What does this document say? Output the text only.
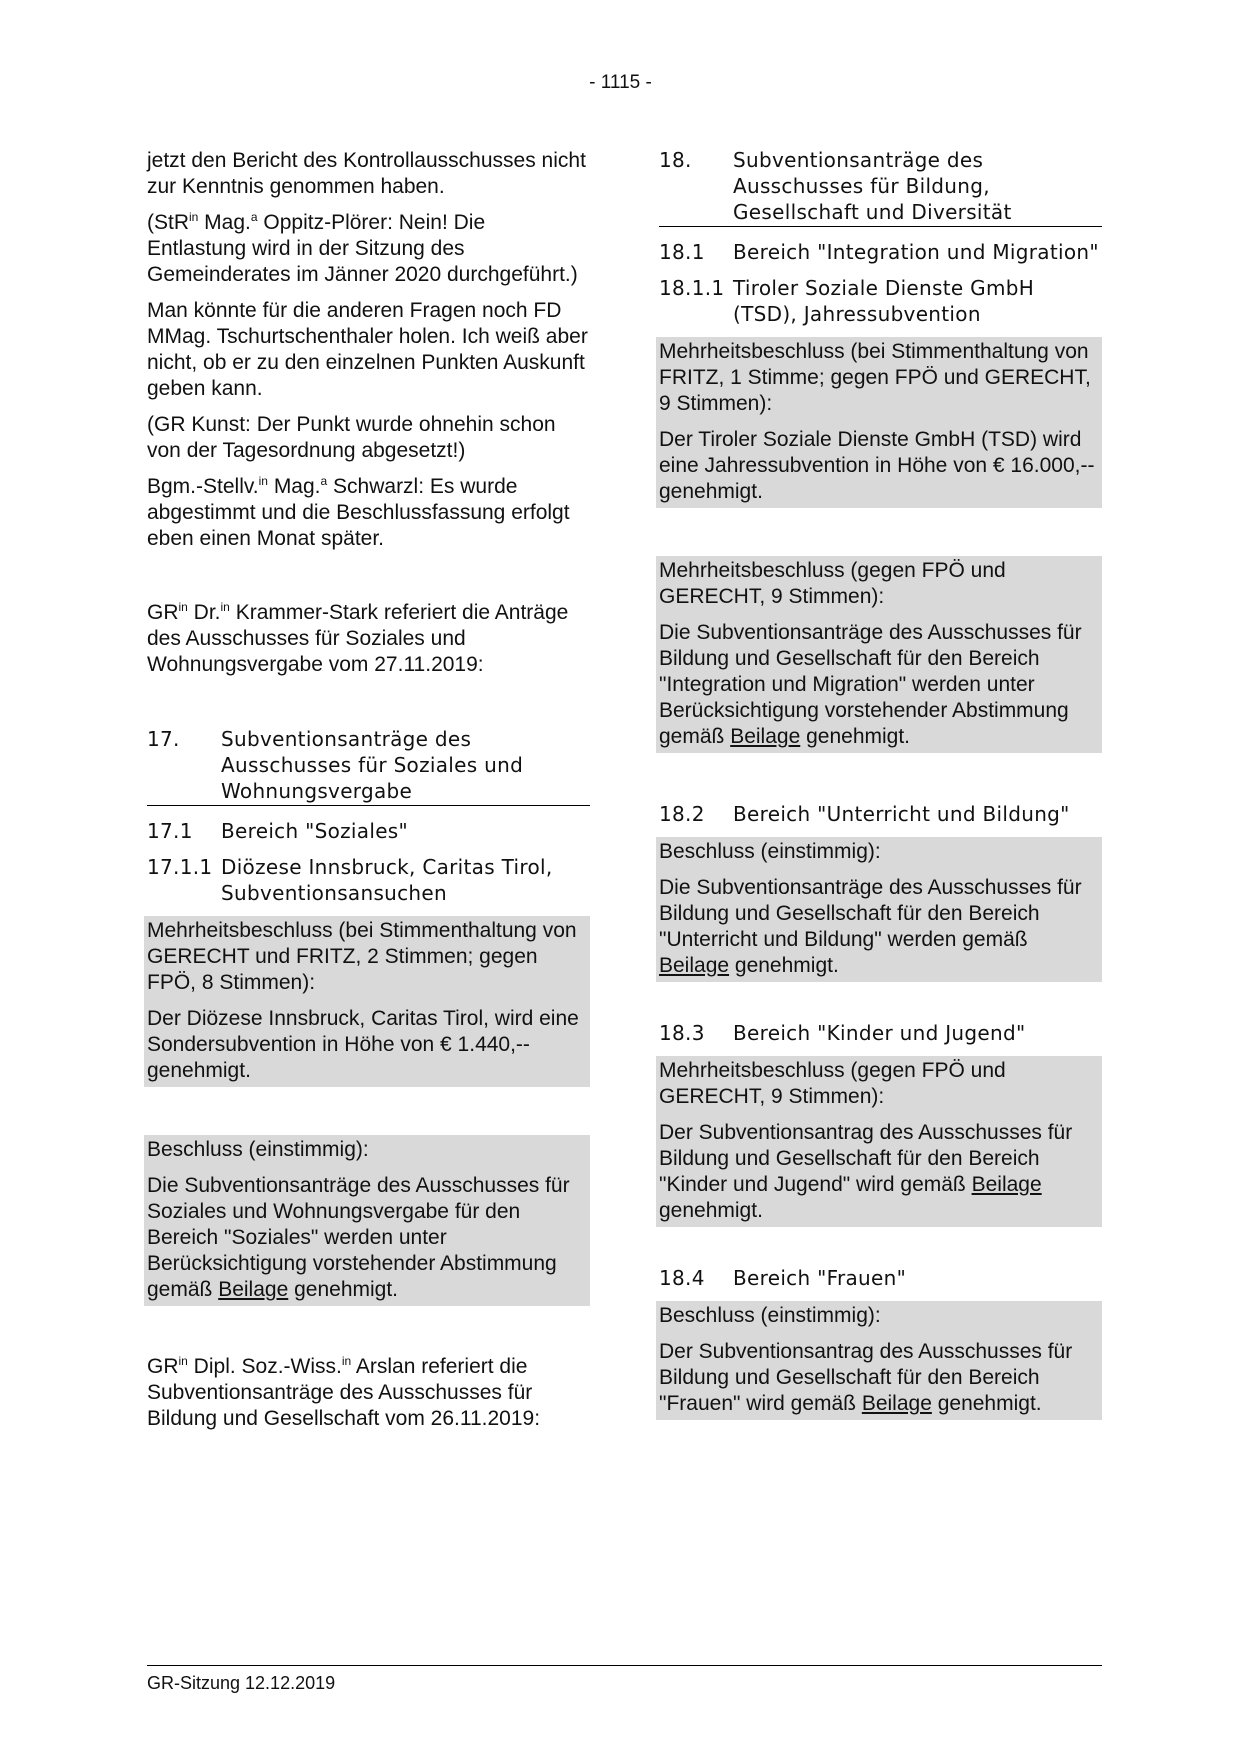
- 1115 -

jetzt den Bericht des Kontrollausschusses nicht zur Kenntnis genommen haben.

(StR$^{in}$ Mag.$^a$ Oppitz-Plörer: Nein! Die Entlastung wird in der Sitzung des Gemeinderates im Jänner 2020 durchgeführt.)

Man könnte für die anderen Fragen noch FD MMag. Tschurtschenthaler holen. Ich weiß aber nicht, ob er zu den einzelnen Punkten Auskunft geben kann.

(GR Kunst: Der Punkt wurde ohnehin schon von der Tagesordnung abgesetzt!)

Bgm.-Stellv.$^{in}$ Mag.$^a$ Schwarzl: Es wurde abgestimmt und die Beschlussfassung erfolgt eben einen Monat später.

$GR^{in}$ Dr.$^{in}$ Krammer-Stark referiert die Anträge des Ausschusses für Soziales und Wohnungsvergabe vom 27.11.2019:

17.	Subventionsanträge des Ausschusses für Soziales und Wohnungsvergabe
17.1	Bereich "Soziales"
17.1.1 Diözese Innsbruck, Caritas Tirol, Subventionsansuchen

Mehrheitsbeschluss (bei Stimmenthaltung von GERECHT und FRITZ, 2 Stimmen; gegen FPÖ, 8 Stimmen):

Der Diözese Innsbruck, Caritas Tirol, wird eine Sondersubvention in Höhe von € 1.440,-- genehmigt.

Beschluss (einstimmig):

Die Subventionsanträge des Ausschusses für Soziales und Wohnungsvergabe für den Bereich "Soziales" werden unter Berücksichtigung vorstehender Abstimmung gemäß Beilage genehmigt.

$GR^{in}$ Dipl. Soz.-Wiss.$^{in}$ Arslan referiert die Subventionsanträge des Ausschusses für Bildung und Gesellschaft vom 26.11.2019:

18.	Subventionsanträge des Ausschusses für Bildung, Gesellschaft und Diversität
18.1	Bereich "Integration und Migration"
18.1.1 Tiroler Soziale Dienste GmbH (TSD), Jahressubvention

Mehrheitsbeschluss (bei Stimmenthaltung von FRITZ, 1 Stimme; gegen FPÖ und GERECHT, 9 Stimmen):

Der Tiroler Soziale Dienste GmbH (TSD) wird eine Jahressubvention in Höhe von € 16.000,-- genehmigt.

Mehrheitsbeschluss (gegen FPÖ und GERECHT, 9 Stimmen):

Die Subventionsanträge des Ausschusses für Bildung und Gesellschaft für den Bereich "Integration und Migration" werden unter Berücksichtigung vorstehender Abstimmung gemäß Beilage genehmigt.

18.2	Bereich "Unterricht und Bildung"

Beschluss (einstimmig):

Die Subventionsanträge des Ausschusses für Bildung und Gesellschaft für den Bereich "Unterricht und Bildung" werden gemäß Beilage genehmigt.

18.3	Bereich "Kinder und Jugend"

Mehrheitsbeschluss (gegen FPÖ und GERECHT, 9 Stimmen):

Der Subventionsantrag des Ausschusses für Bildung und Gesellschaft für den Bereich "Kinder und Jugend" wird gemäß Beilage genehmigt.

18.4	Bereich "Frauen"

Beschluss (einstimmig):

Der Subventionsantrag des Ausschusses für Bildung und Gesellschaft für den Bereich "Frauen" wird gemäß Beilage genehmigt.

GR-Sitzung 12.12.2019
